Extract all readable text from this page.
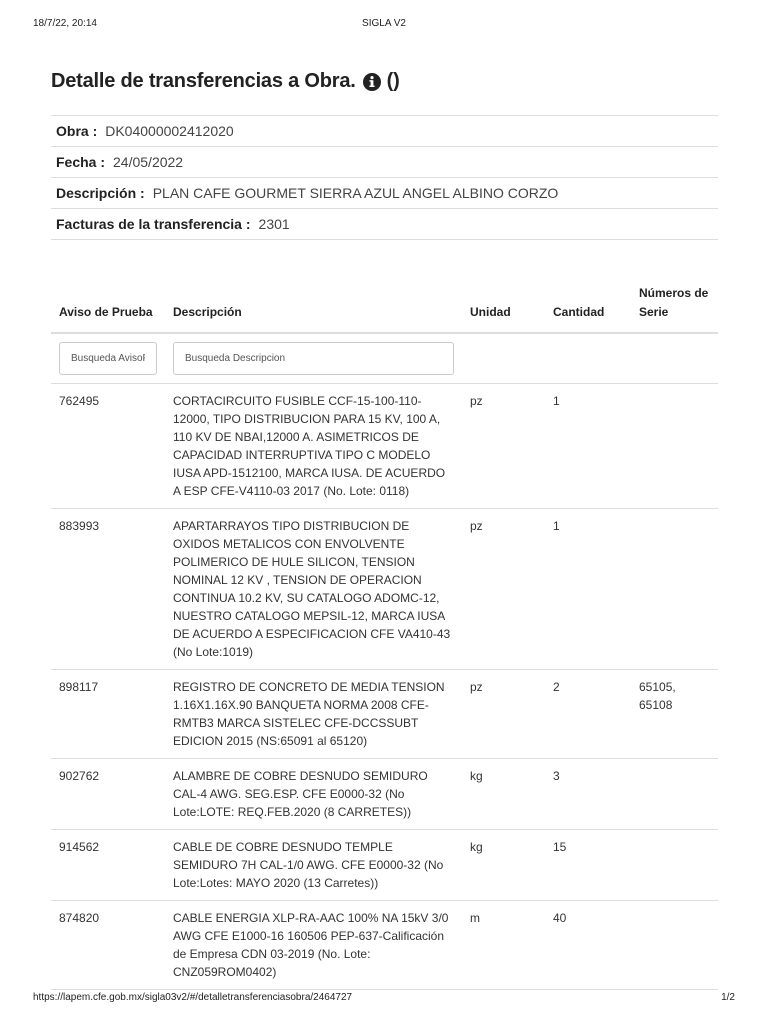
18/7/22, 20:14	SIGLA V2
Detalle de transferencias a Obra. ()
Obra : DK04000002412020
Fecha : 24/05/2022
Descripción : PLAN CAFE GOURMET SIERRA AZUL ANGEL ALBINO CORZO
Facturas de la transferencia : 2301
Aviso de Prueba	Descripción	Unidad	Cantidad	Números de Serie
Busqueda AvisoP	Busqueda Descripcion			
762495	CORTACIRCUITO FUSIBLE CCF-15-100-110-12000, TIPO DISTRIBUCION PARA 15 KV, 100 A, 110 KV DE NBAI,12000 A. ASIMETRICOS DE CAPACIDAD INTERRUPTIVA TIPO C MODELO IUSA APD-1512100, MARCA IUSA. DE ACUERDO A ESP CFE-V4110-03 2017 (No. Lote: 0118)	pz	1	
883993	APARTARRAYOS TIPO DISTRIBUCION DE OXIDOS METALICOS CON ENVOLVENTE POLIMERICO DE HULE SILICON, TENSION NOMINAL 12 KV , TENSION DE OPERACION CONTINUA 10.2 KV, SU CATALOGO ADOMC-12, NUESTRO CATALOGO MEPSIL-12, MARCA IUSA DE ACUERDO A ESPECIFICACION CFE VA410-43 (No Lote:1019)	pz	1	
898117	REGISTRO DE CONCRETO DE MEDIA TENSION 1.16X1.16X.90 BANQUETA NORMA 2008 CFE-RMTB3 MARCA SISTELEC CFE-DCCSSUBT EDICION 2015 (NS:65091 al 65120)	pz	2	65105, 65108
902762	ALAMBRE DE COBRE DESNUDO SEMIDURO CAL-4 AWG. SEG.ESP. CFE E0000-32 (No Lote:LOTE: REQ.FEB.2020 (8 CARRETES))	kg	3	
914562	CABLE DE COBRE DESNUDO TEMPLE SEMIDURO 7H CAL-1/0 AWG. CFE E0000-32 (No Lote:Lotes: MAYO 2020 (13 Carretes))	kg	15	
874820	CABLE ENERGIA XLP-RA-AAC 100% NA 15kV 3/0 AWG CFE E1000-16 160506 PEP-637-Calificación de Empresa CDN 03-2019 (No. Lote: CNZ059ROM0402)	m	40	
https://lapem.cfe.gob.mx/sigla03v2/#/detalletransferenciasobra/2464727	1/2
